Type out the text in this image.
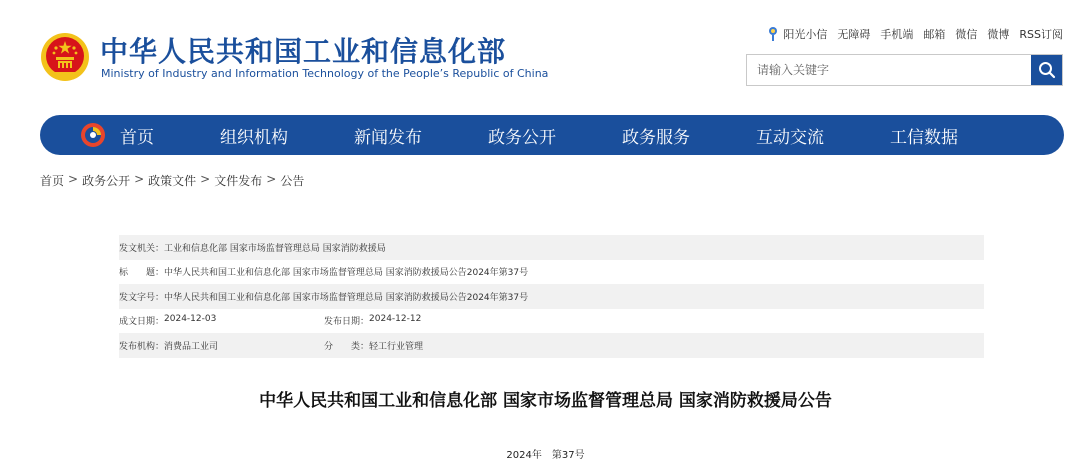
中华人民共和国工业和信息化部
Ministry of Industry and Information Technology of the People’s Republic of China
阳光小信 无障碍 手机端 邮箱 微信 微博 RSS订阅
请输入关键字
首页	组织机构	新闻发布	政务公开	政务服务	互动交流	工信数据
首页 > 政务公开 > 政策文件 > 文件发布 > 公告
发文机关： 工业和信息化部 国家市场监督管理总局 国家消防救援局
标　　题： 中华人民共和国工业和信息化部 国家市场监督管理总局 国家消防救援局公告2024年第37号
发文字号： 中华人民共和国工业和信息化部 国家市场监督管理总局 国家消防救援局公告2024年第37号
成文日期： 2024-12-03	发布日期： 2024-12-12
发布机构： 消费品工业司	分　　类： 轻工行业管理
中华人民共和国工业和信息化部 国家市场监督管理总局 国家消防救援局公告
2024年　第37号
